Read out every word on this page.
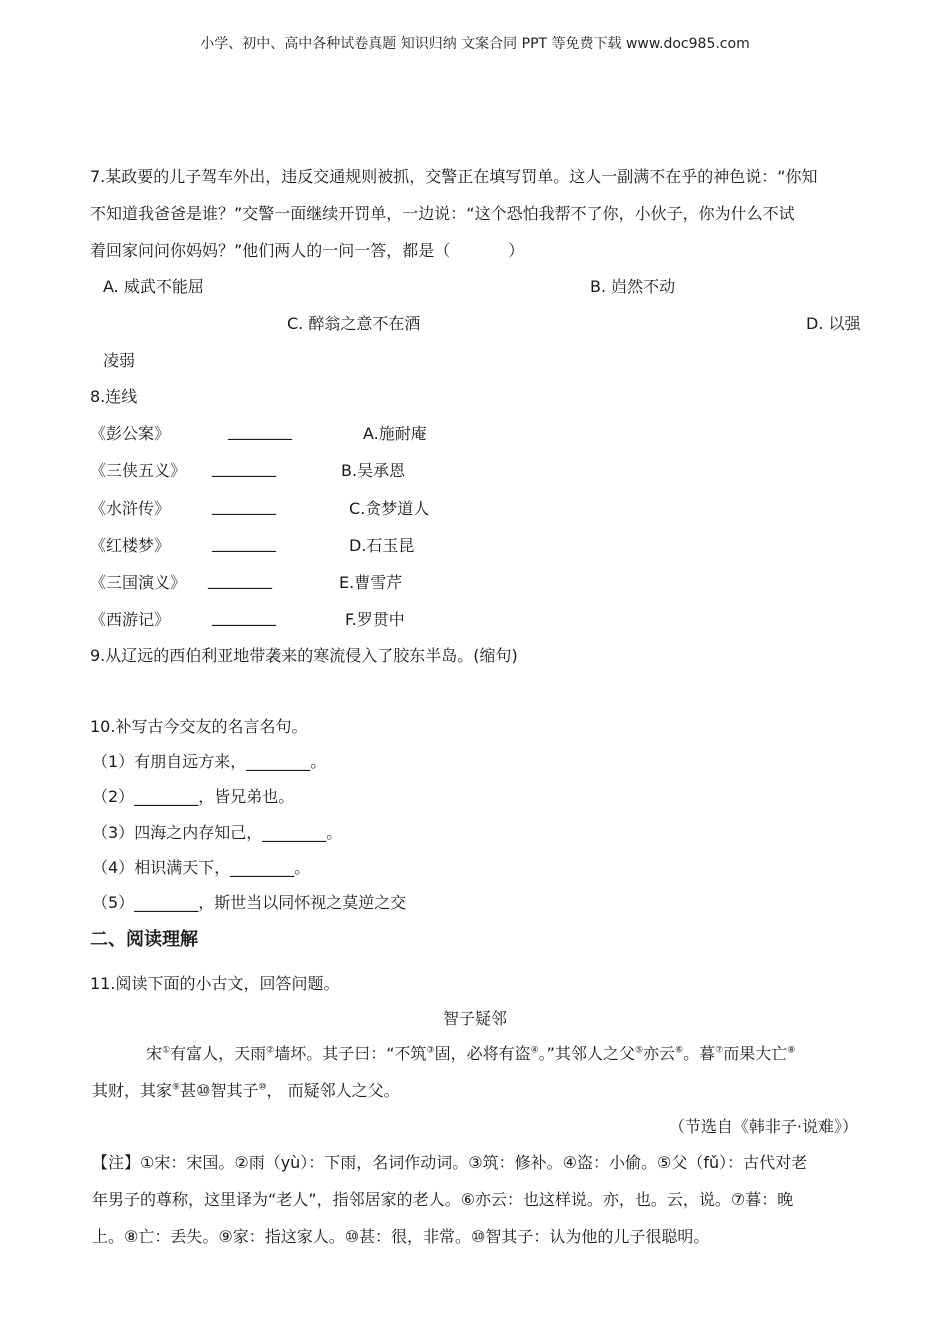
小学、初中、高中各种试卷真题 知识归纳 文案合同 PPT 等免费下载 www.doc985.com
7.某政要的儿子驾车外出，违反交通规则被抓，交警正在填写罚单。这人一副满不在乎的神色说：“你知
不知道我爸爸是谁？”交警一面继续开罚单，一边说：“这个恐怕我帮不了你，小伙子，你为什么不试
着回家问问你妈妈？”他们两人的一问一答，都是（	）
A. 威武不能屈	B. 岿然不动
C. 醉翁之意不在酒	D. 以强
凌弱
8.连线
《彭公案》	________	A.施耐庵
《三侠五义》 ________	B.吴承恩
《水浒传》	________	C.贪梦道人
《红楼梦》	________	D.石玉昆
《三国演义》 ________	E.曹雪芹
《西游记》	________	F.罗贯中
9.从辽远的西伯利亚地带袭来的寒流侵入了胶东半岛。(缩句)
10.补写古今交友的名言名句。
（1）有朋自远方来，________。
（2）________，皆兄弟也。
（3）四海之内存知己，________。
（4）相识满天下，________。
（5）________，斯世当以同怀视之莫逆之交
二、阅读理解
11.阅读下面的小古文，回答问题。
智子疑邻
宋①有富人，天雨②墙坏。其子曰：“不筑③固，必将有盗④。”其邻人之父⑤亦云⑥。暮⑦而果大亡⑧
其财，其家⑨甚⑩智其子⑩， 而疑邻人之父。
（节选自《韩非子·说难》）
【注】①宋：宋国。②雨（yù）：下雨，名词作动词。③筑：修补。④盗：小偷。⑤父（fǔ）：古代对老
年男子的尊称，这里译为“老人”，指邻居家的老人。⑥亦云：也这样说。亦，也。云，说。⑦暮：晚
上。⑧亡：丢失。⑨家：指这家人。⑩甚：很，非常。⑩智其子：认为他的儿子很聪明。
